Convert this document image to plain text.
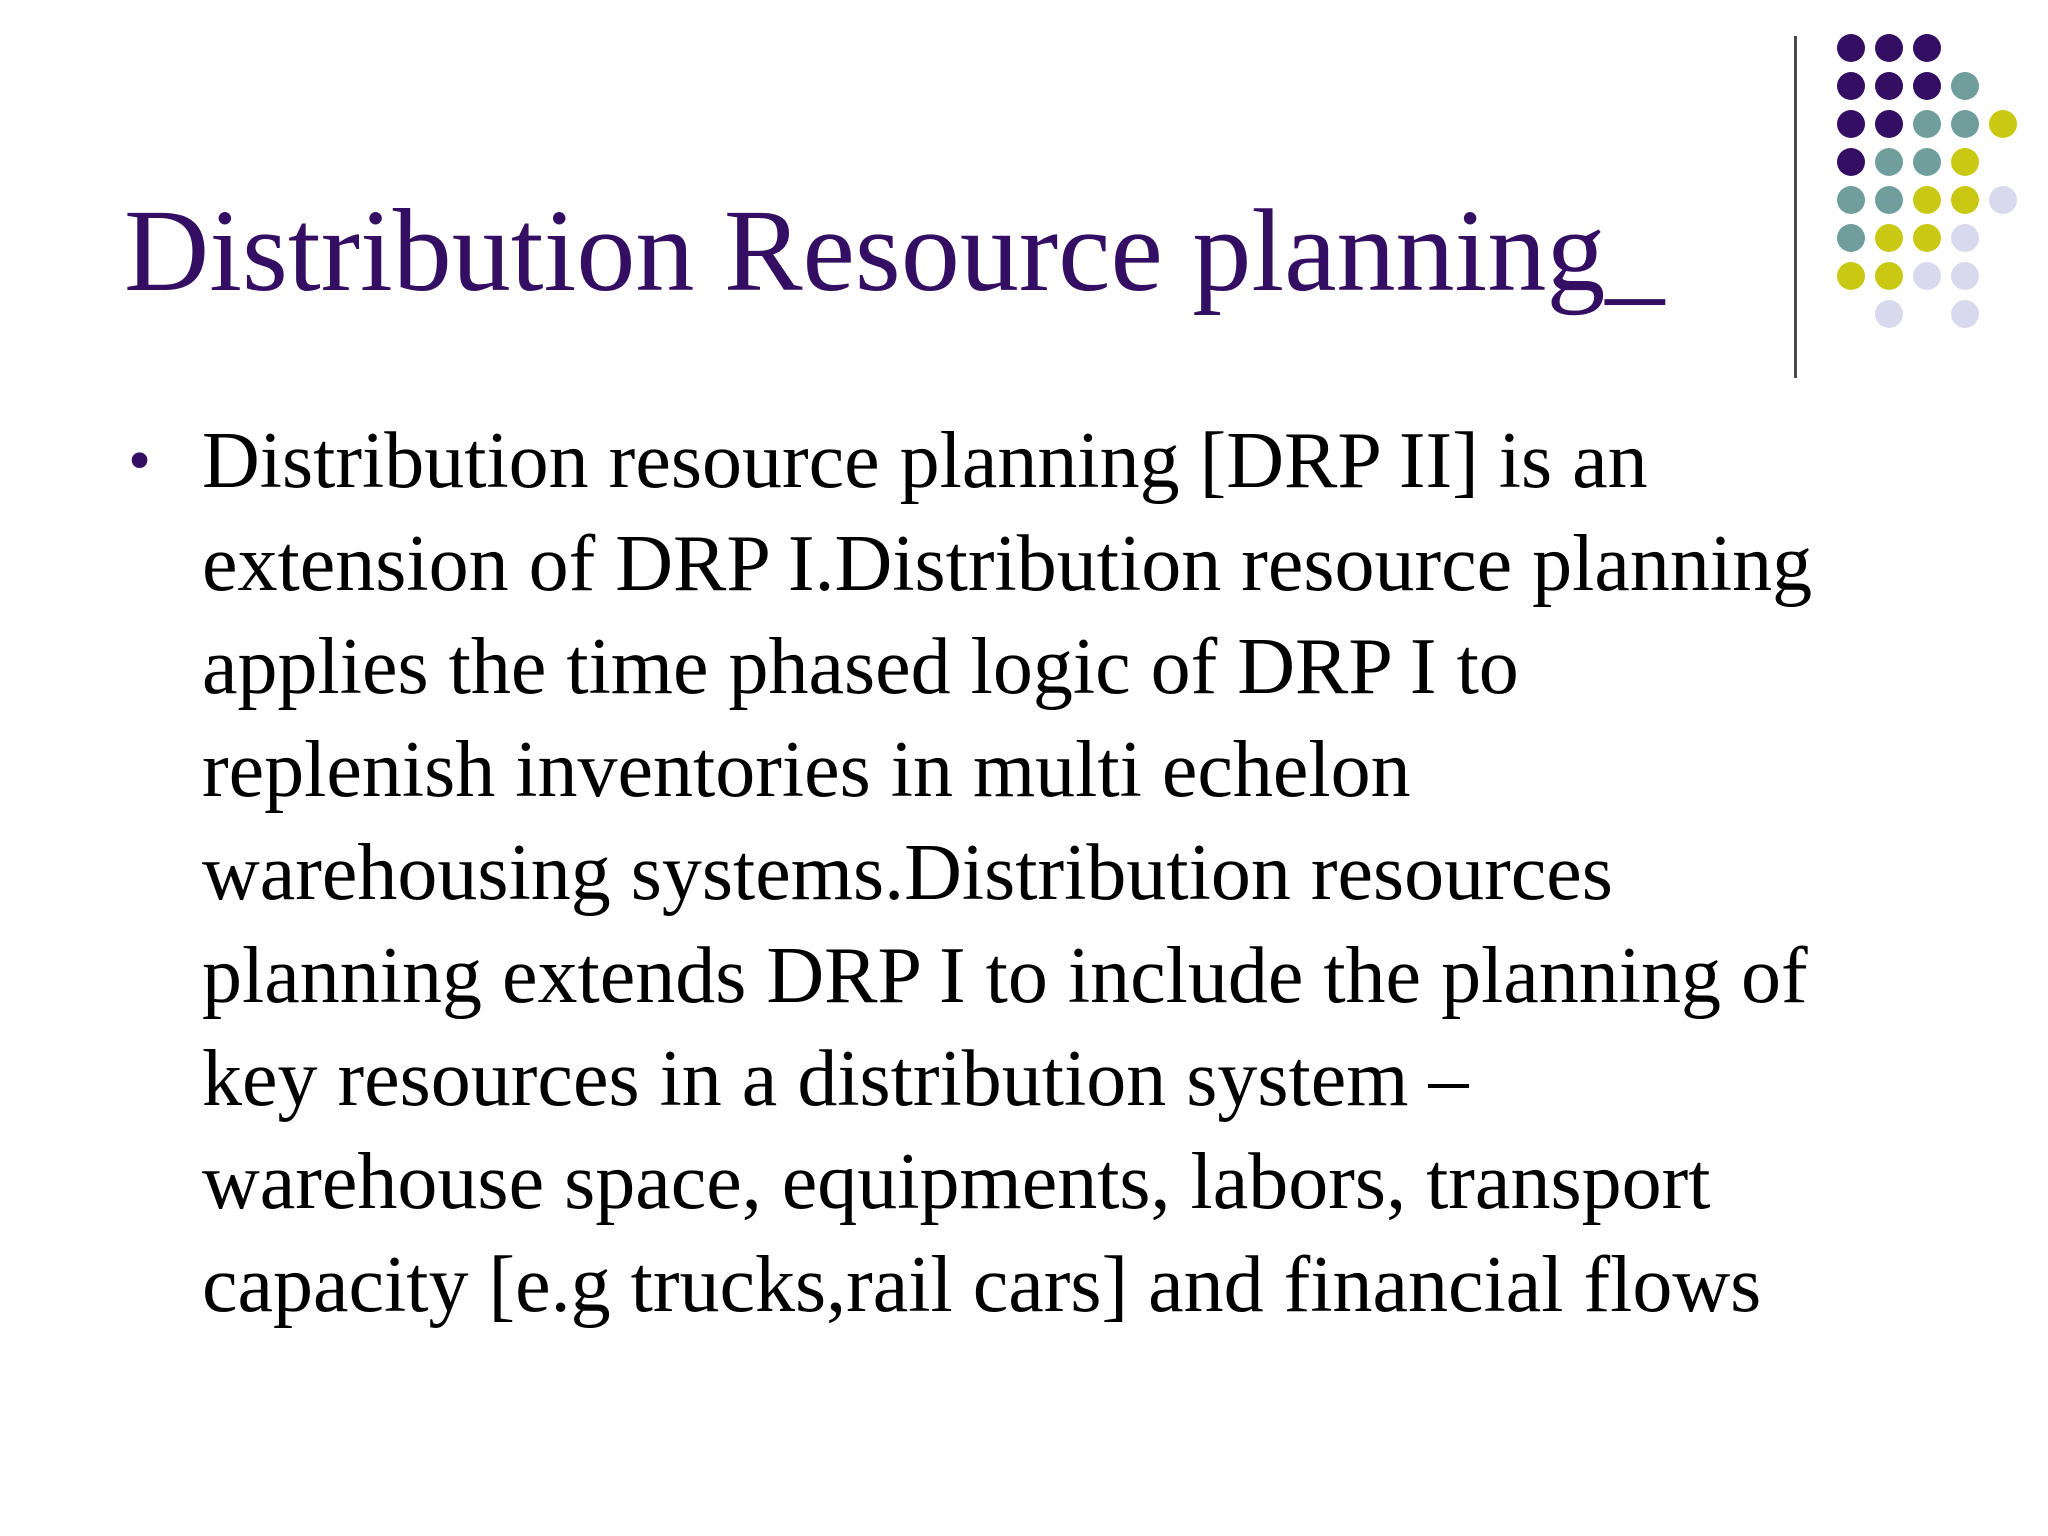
Distribution Resource planning_
• Distribution resource planning [DRP II] is an
extension of DRP I.Distribution resource planning
applies the time phased logic of DRP I to
replenish inventories in multi echelon
warehousing systems.Distribution resources
planning extends DRP I to include the planning of
key resources in a distribution system –
warehouse space, equipments, labors, transport
capacity [e.g trucks,rail cars] and financial flows
